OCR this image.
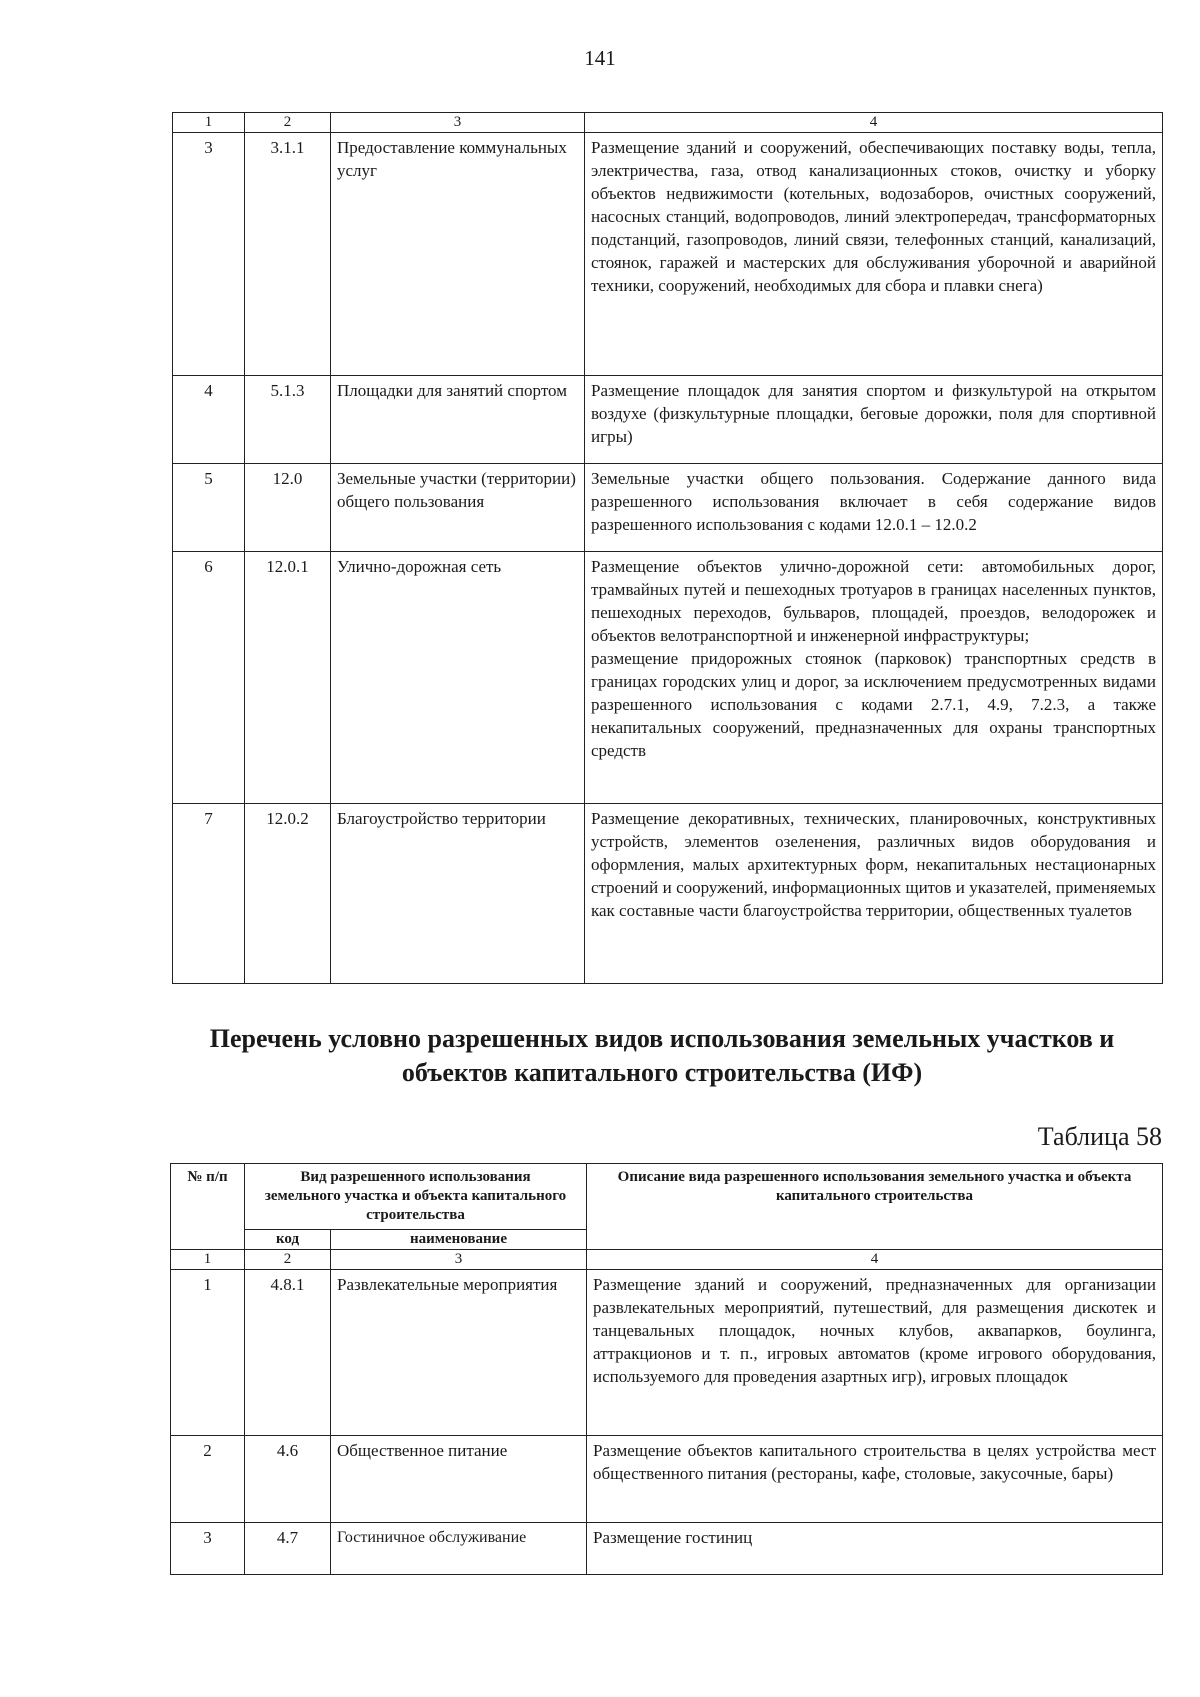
141
1	2	3	4
3	3.1.1	Предоставление коммунальных услуг	Размещение зданий и сооружений, обеспечивающих поставку воды, тепла, электричества, газа, отвод канализационных стоков, очистку и уборку объектов недвижимости (котельных, водозаборов, очистных сооружений, насосных станций, водопроводов, линий электропередач, трансформаторных подстанций, газопроводов, линий связи, телефонных станций, канализаций, стоянок, гаражей и мастерских для обслуживания уборочной и аварийной техники, сооружений, необходимых для сбора и плавки снега)
4	5.1.3	Площадки для занятий спортом	Размещение площадок для занятия спортом и физкультурой на открытом воздухе (физкультурные площадки, беговые дорожки, поля для спортивной игры)
5	12.0	Земельные участки (территории) общего пользования	Земельные участки общего пользования. Содержание данного вида разрешенного использования включает в себя содержание видов разрешенного использования с кодами 12.0.1 – 12.0.2
6	12.0.1	Улично-дорожная сеть	Размещение объектов улично-дорожной сети: автомобильных дорог, трамвайных путей и пешеходных тротуаров в границах населенных пунктов, пешеходных переходов, бульваров, площадей, проездов, велодорожек и объектов велотранспортной и инженерной инфраструктуры;
размещение придорожных стоянок (парковок) транспортных средств в границах городских улиц и дорог, за исключением предусмотренных видами разрешенного использования с кодами 2.7.1, 4.9, 7.2.3, а также некапитальных сооружений, предназначенных для охраны транспортных средств

7	12.0.2	Благоустройство территории	Размещение декоративных, технических, планировочных, конструктивных устройств, элементов озеленения, различных видов оборудования и оформления, малых архитектурных форм, некапитальных нестационарных строений и сооружений, информационных щитов и указателей, применяемых как составные части благоустройства территории, общественных туалетов
Перечень условно разрешенных видов использования земельных участков и объектов капитального строительства (ИФ)
Таблица 58
№ п/п	Вид разрешенного использования земельного участка и объекта капитального строительства		Описание вида разрешенного использования земельного участка и объекта капитального строительства
	код	наименование	
1	2	3	4
1	4.8.1	Развлекательные мероприятия	Размещение зданий и сооружений, предназначенных для организации развлекательных мероприятий, путешествий, для размещения дискотек и танцевальных площадок, ночных клубов, аквапарков, боулинга, аттракционов и т. п., игровых автоматов (кроме игрового оборудования, используемого для проведения азартных игр), игровых площадок
2	4.6	Общественное питание	Размещение объектов капитального строительства в целях устройства мест общественного питания (рестораны, кафе, столовые, закусочные, бары)
3	4.7	Гостиничное обслуживание	Размещение гостиниц
